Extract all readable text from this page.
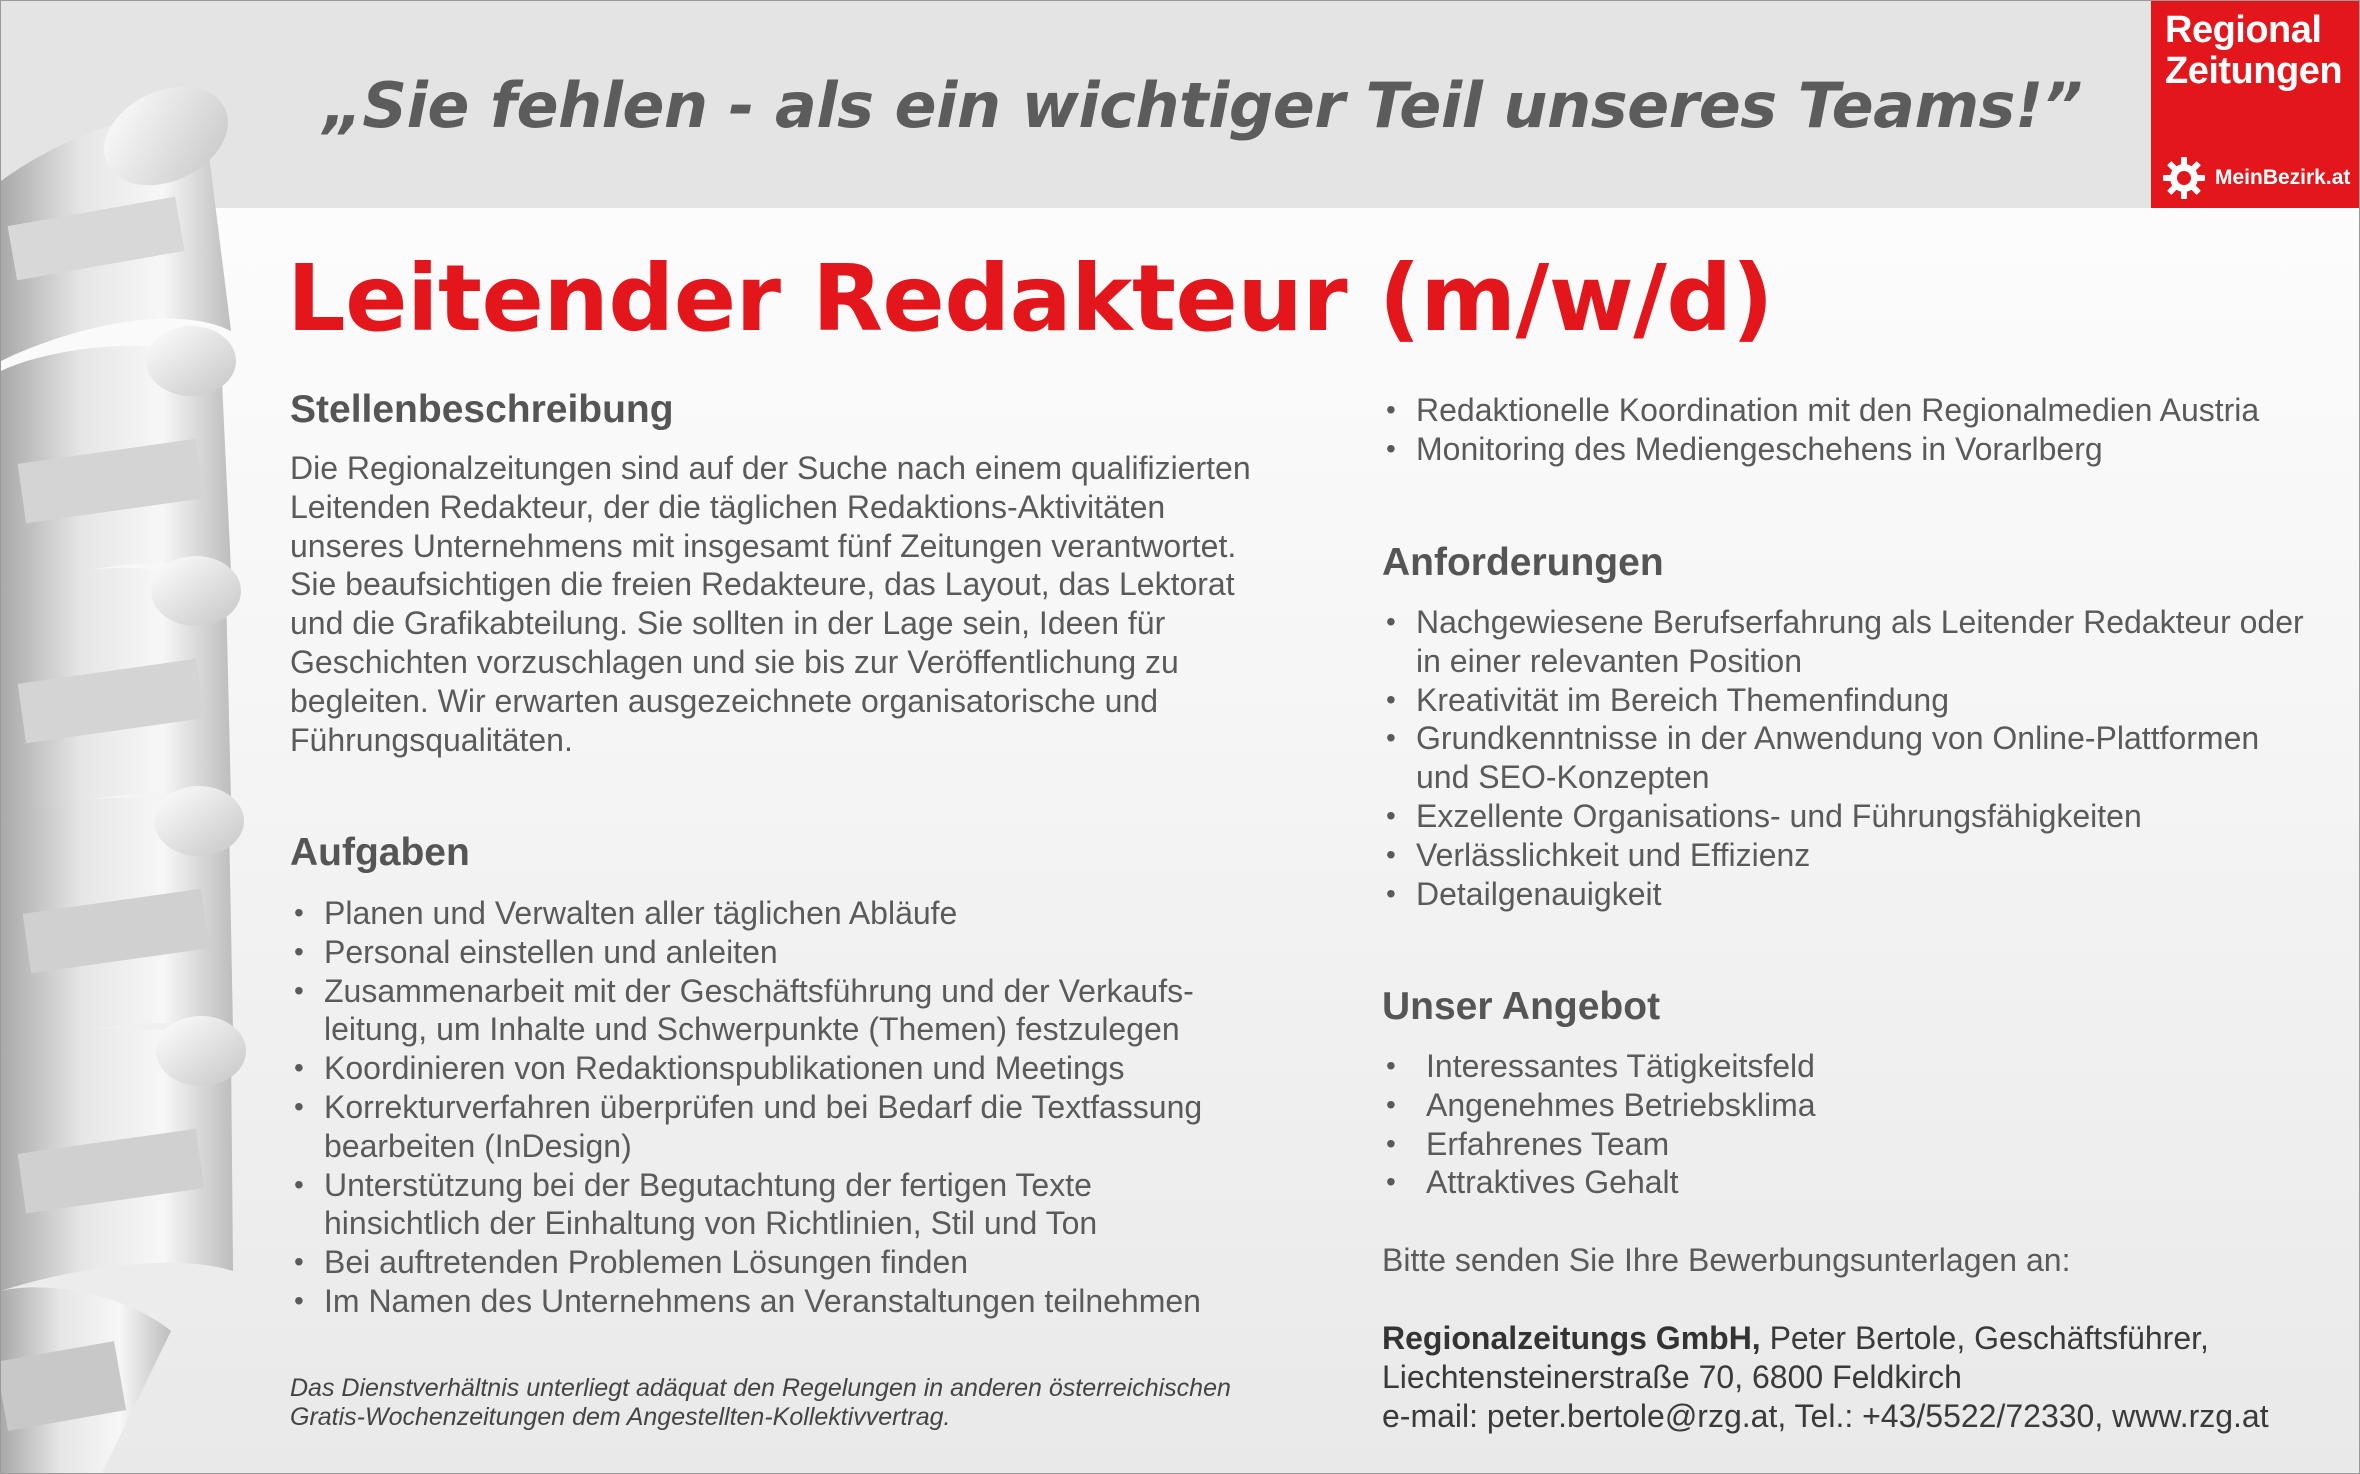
„Sie fehlen - als ein wichtiger Teil unseres Teams!”
Regional
Zeitungen
MeinBezirk.at
Leitender Redakteur (m/w/d)
Stellenbeschreibung

Die Regionalzeitungen sind auf der Suche nach einem qualifizierten

Leitenden Redakteur, der die täglichen Redaktions-Aktivitäten

unseres Unternehmens mit insgesamt fünf Zeitungen verantwortet.

Sie beaufsichtigen die freien Redakteure, das Layout, das Lektorat

und die Grafikabteilung. Sie sollten in der Lage sein, Ideen für

Geschichten vorzuschlagen und sie bis zur Veröffentlichung zu

begleiten. Wir erwarten ausgezeichnete organisatorische und

Führungsqualitäten.

Aufgaben
• Planen und Verwalten aller täglichen Abläufe
• Personal einstellen und anleiten
• Zusammenarbeit mit der Geschäftsführung und der Verkaufs-
leitung, um Inhalte und Schwerpunkte (Themen) festzulegen
• Koordinieren von Redaktionspublikationen und Meetings
• Korrekturverfahren überprüfen und bei Bedarf die Textfassung
bearbeiten (InDesign)
• Unterstützung bei der Begutachtung der fertigen Texte
hinsichtlich der Einhaltung von Richtlinien, Stil und Ton
• Bei auftretenden Problemen Lösungen finden
• Im Namen des Unternehmens an Veranstaltungen teilnehmen

Das Dienstverhältnis unterliegt adäquat den Regelungen in anderen österreichischen

Gratis-Wochenzeitungen dem Angestellten-Kollektivvertrag.

• Redaktionelle Koordination mit den Regionalmedien Austria
• Monitoring des Mediengeschehens in Vorarlberg
Anforderungen
• Nachgewiesene Berufserfahrung als Leitender Redakteur oder
in einer relevanten Position
• Kreativität im Bereich Themenfindung
• Grundkenntnisse in der Anwendung von Online-Plattformen
und SEO-Konzepten
• Exzellente Organisations- und Führungsfähigkeiten
• Verlässlichkeit und Effizienz
• Detailgenauigkeit
Unser Angebot
• Interessantes Tätigkeitsfeld
• Angenehmes Betriebsklima
• Erfahrenes Team
• Attraktives Gehalt
Bitte senden Sie Ihre Bewerbungsunterlagen an:

Regionalzeitungs GmbH, Peter Bertole, Geschäftsführer,

Liechtensteinerstraße 70, 6800 Feldkirch

e-mail: peter.bertole@rzg.at, Tel.: +43/5522/72330, www.rzg.at
